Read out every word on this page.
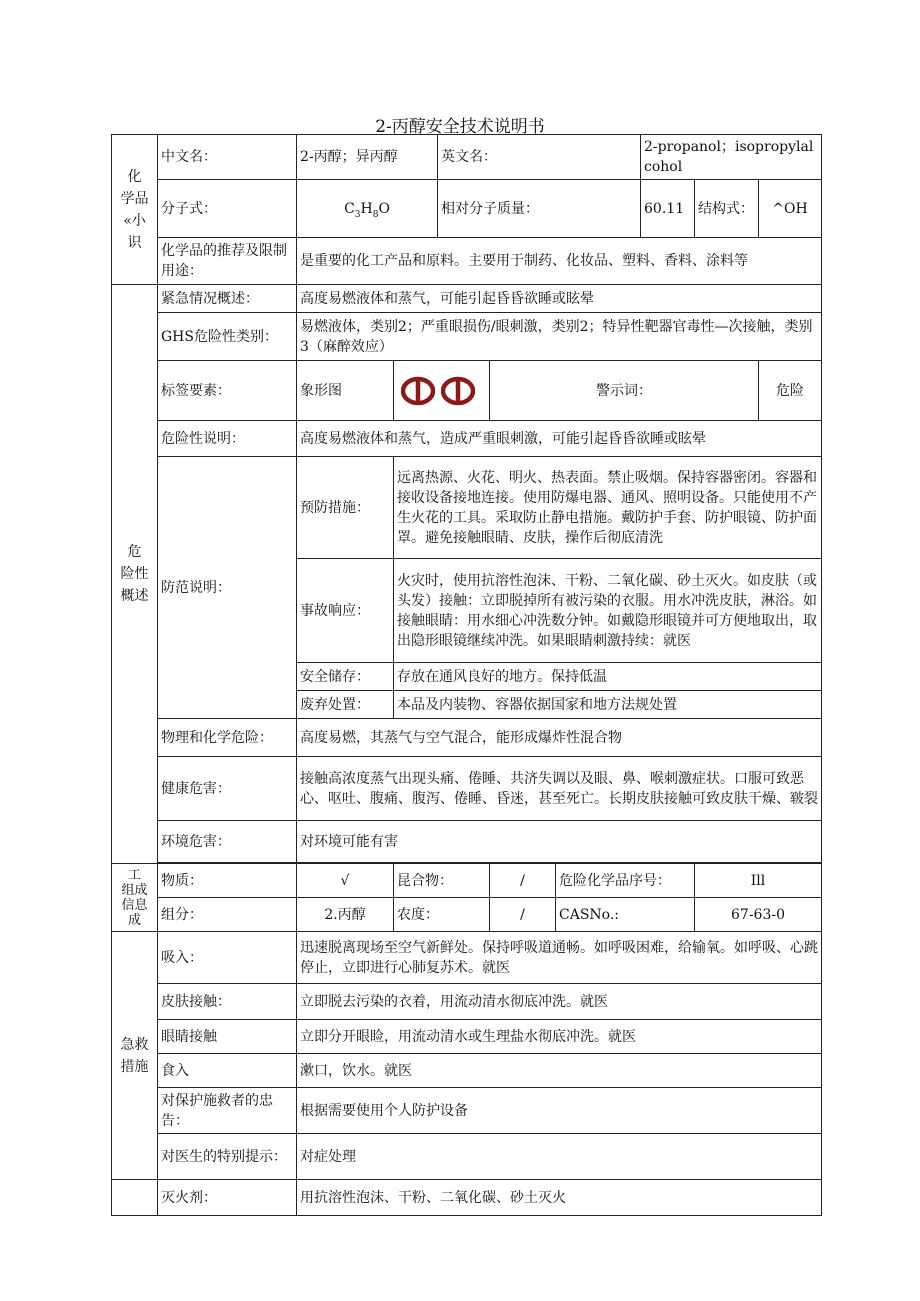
2-丙醇安全技术说明书
化
学品
«小
识	中文名：	2-丙醇；异丙醇		英文名：			2-propanol；isopropylalcohol		
	分子式：	$C_3H_8O$		相对分子质量：			60.11	结构式：	^OH
	化学品的推荐及限制用途：	是重要的化工产品和原料。主要用于制药、化妆品、塑料、香料、涂料等							
危
险性
概述	紧急情况概述：	高度易燃液体和蒸气，可能引起昏昏欲睡或眩晕							
	GHS危险性类别：	易燃液体，类别2；严重眼损伤/眼刺激，类别2；特异性靶器官毒性—次接触，类别3（麻醉效应）							
	标签要素：	象形图			警示词：				危险
	危险性说明：	高度易燃液体和蒸气，造成严重眼刺激，可能引起昏昏欲睡或眩晕							
	防范说明：	预防措施：	远离热源、火花、明火、热表面。禁止吸烟。保持容器密闭。容器和接收设备接地连接。使用防爆电器、通风、照明设备。只能使用不产生火花的工具。采取防止静电措施。戴防护手套、防护眼镜、防护面罩。避免接触眼睛、皮肤，操作后彻底清洗						
		事故响应：	火灾时，使用抗溶性泡沫、干粉、二氧化碳、砂土灭火。如皮肤（或头发）接触：立即脱掉所有被污染的衣服。用水冲洗皮肤，淋浴。如接触眼睛：用水细心冲洗数分钟。如戴隐形眼镜并可方便地取出，取出隐形眼镜继续冲洗。如果眼睛刺激持续：就医						
		安全储存：	存放在通风良好的地方。保持低温						
		废弃处置：	本品及内装物、容器依据国家和地方法规处置						
	物理和化学危险：	高度易燃，其蒸气与空气混合，能形成爆炸性混合物							
	健康危害：	接触高浓度蒸气出现头痛、倦睡、共济失调以及眼、鼻、喉刺激症状。口服可致恶心、呕吐、腹痛、腹泻、倦睡、昏迷，甚至死亡。长期皮肤接触可致皮肤干燥、皲裂							
	环境危害：	对环境可能有害							

工
组成
信息
成	物质：	√	昆合物：		/	危险化学品序号：		Ill	
	组分：	2.丙醇	农度：		/	CASNo.:		67-63-0	
急救
措施	吸入：	迅速脱离现场至空气新鲜处。保持呼吸道通畅。如呼吸困难，给输氧。如呼吸、心跳停止，立即进行心肺复苏术。就医							
	皮肤接触：	立即脱去污染的衣着，用流动清水彻底冲洗。就医							
	眼睛接触	立即分开眼睑，用流动清水或生理盐水彻底冲洗。就医							
	食入	漱口，饮水。就医							
	对保护施救者的忠告：	根据需要使用个人防护设备							
	对医生的特别提示：	对症处理							
	灭火剂：	用抗溶性泡沫、干粉、二氧化碳、砂土灭火							
